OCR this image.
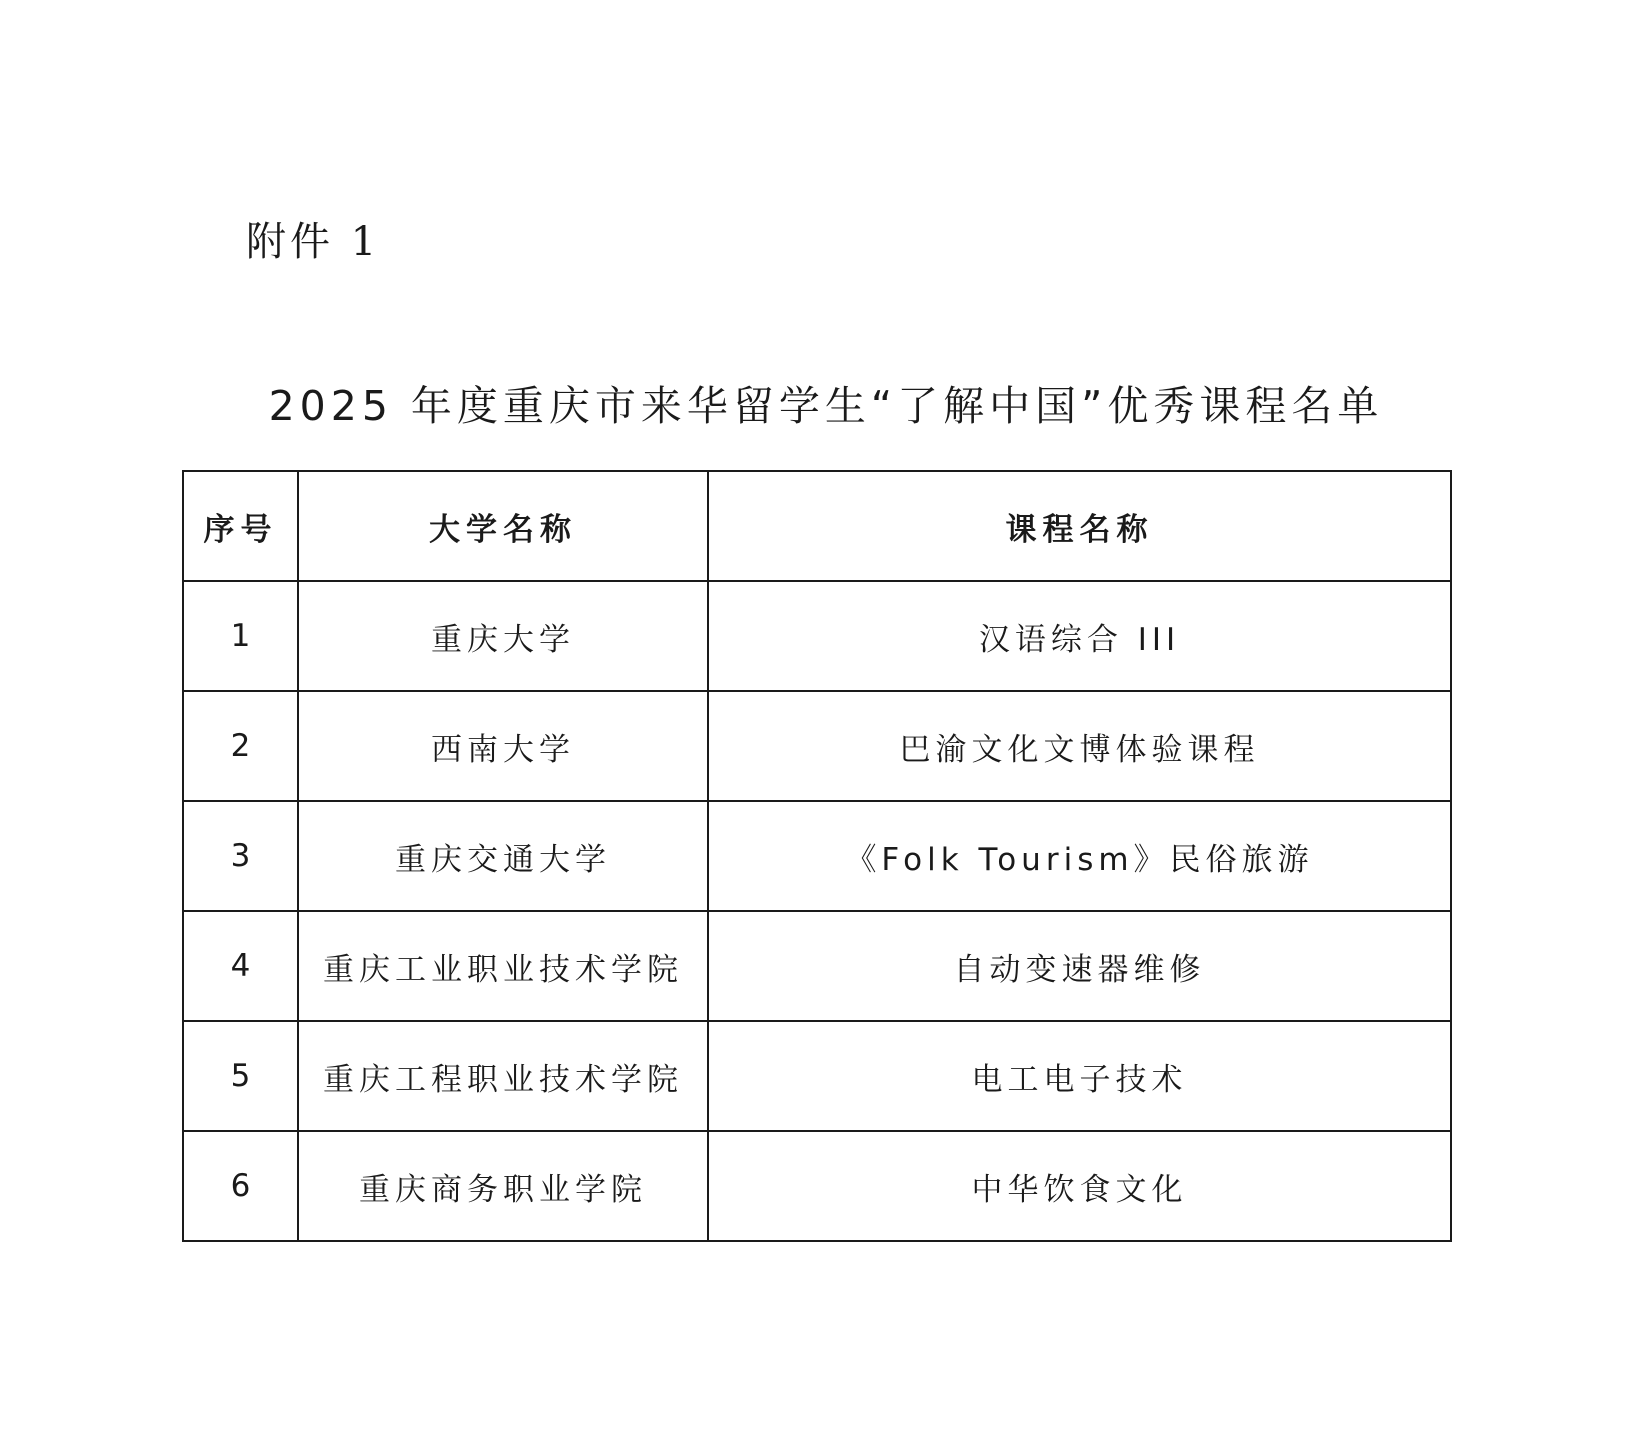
附件 1
2025 年度重庆市来华留学生“了解中国”优秀课程名单
序号	大学名称	课程名称
1	重庆大学	汉语综合 III
2	西南大学	巴渝文化文博体验课程
3	重庆交通大学	《Folk Tourism》民俗旅游
4	重庆工业职业技术学院	自动变速器维修
5	重庆工程职业技术学院	电工电子技术
6	重庆商务职业学院	中华饮食文化
